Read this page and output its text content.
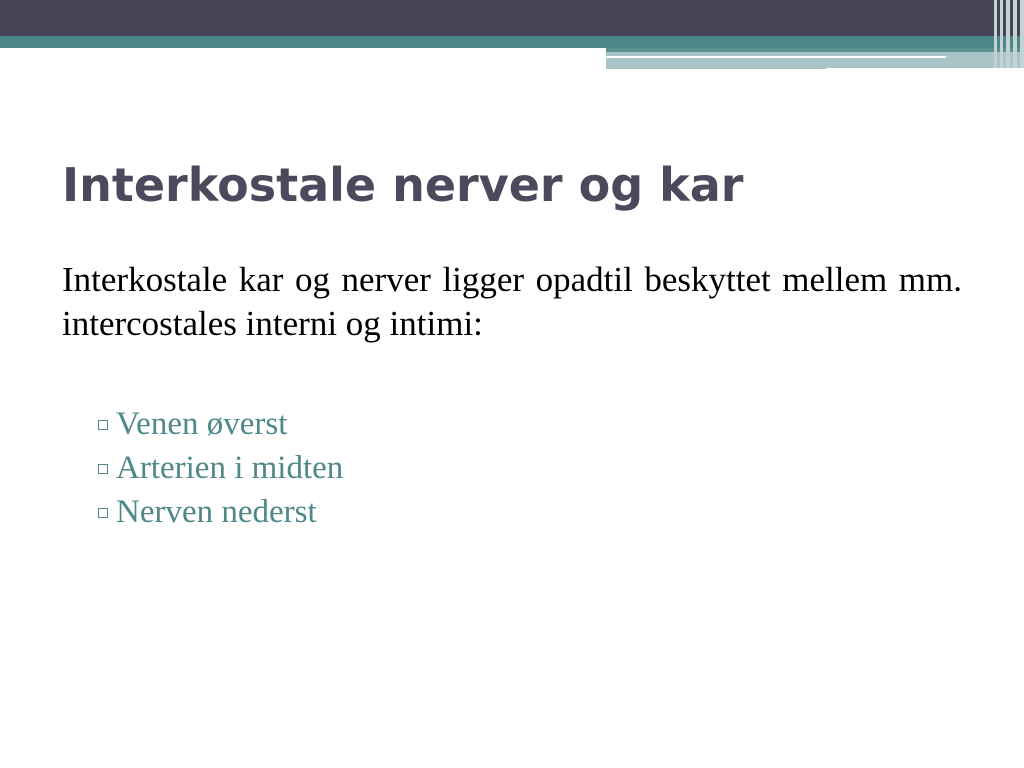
Interkostale nerver og kar

Interkostale kar og nerver ligger opadtil beskyttet mellem mm. intercostales interni og intimi:

Venen øverst
Arterien i midten
Nerven nederst
